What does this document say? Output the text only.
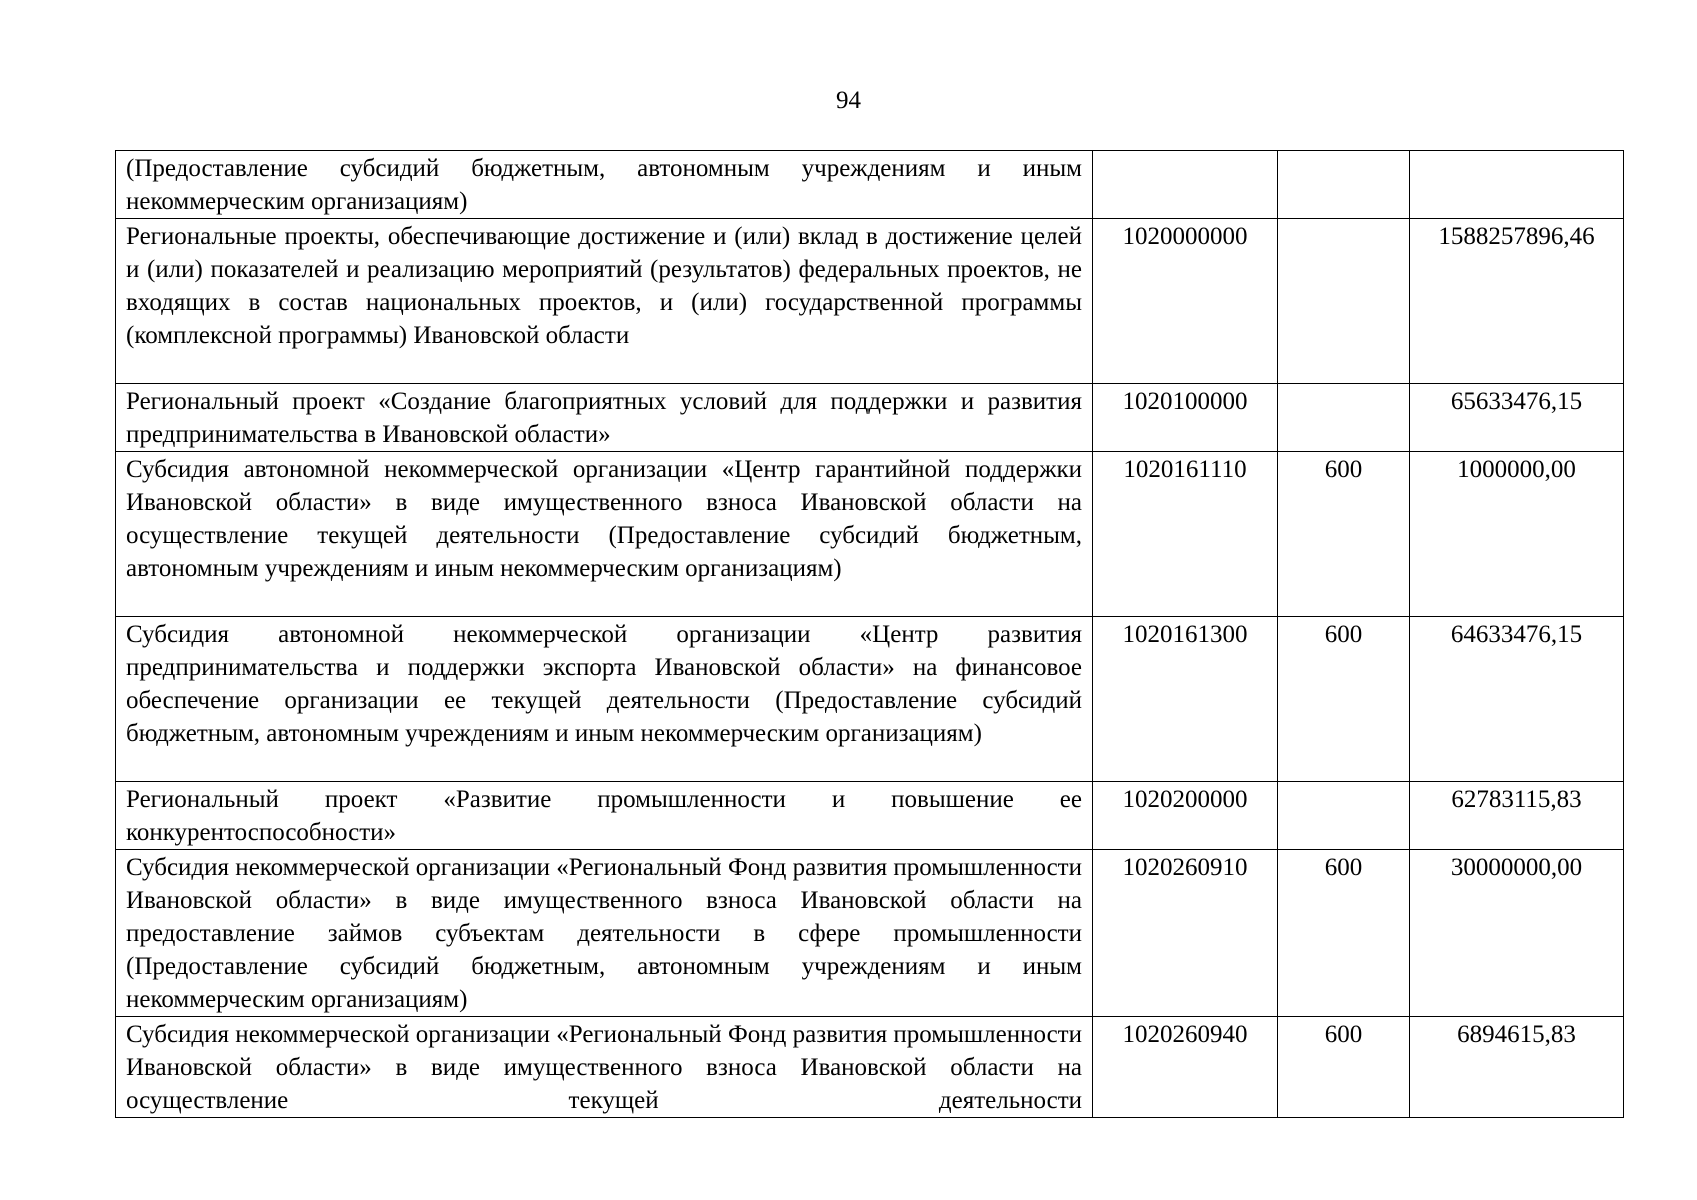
94
(Предоставление субсидий бюджетным, автономным учреждениям и иным некоммерческим организациям)			
Региональные проекты, обеспечивающие достижение и (или) вклад в достижение целей и (или) показателей и реализацию мероприятий (результатов) федеральных проектов, не входящих в состав национальных проектов, и (или) государственной программы (комплексной программы) Ивановской области	1020000000		1588257896,46
Региональный проект «Создание благоприятных условий для поддержки и развития предпринимательства в Ивановской области»	1020100000		65633476,15
Субсидия автономной некоммерческой организации «Центр гарантийной поддержки Ивановской области» в виде имущественного взноса Ивановской области на осуществление текущей деятельности (Предоставление субсидий бюджетным, автономным учреждениям и иным некоммерческим организациям)	1020161110	600	1000000,00
Субсидия автономной некоммерческой организации «Центр развития предпринимательства и поддержки экспорта Ивановской области» на финансовое обеспечение организации ее текущей деятельности (Предоставление субсидий бюджетным, автономным учреждениям и иным некоммерческим организациям)	1020161300	600	64633476,15
Региональный проект «Развитие промышленности и повышение ее конкурентоспособности»	1020200000		62783115,83
Субсидия некоммерческой организации «Региональный Фонд развития промышленности Ивановской области» в виде имущественного взноса Ивановской области на предоставление займов субъектам деятельности в сфере промышленности (Предоставление субсидий бюджетным, автономным учреждениям и иным некоммерческим организациям)	1020260910	600	30000000,00
Субсидия некоммерческой организации «Региональный Фонд развития промышленности Ивановской области» в виде имущественного взноса Ивановской области на осуществление текущей деятельности	1020260940	600	6894615,83
